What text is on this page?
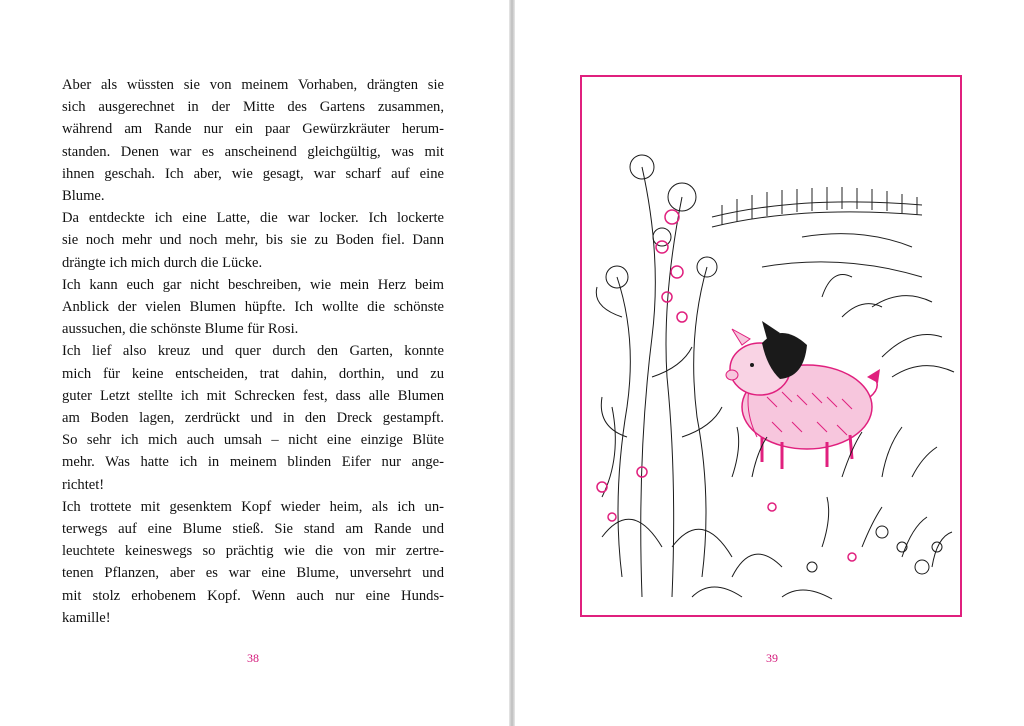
Aber als wüssten sie von meinem Vorhaben, drängten sie
sich ausgerechnet in der Mitte des Gartens zusammen,
während am Rande nur ein paar Gewürzkräuter herum-
standen. Denen war es anscheinend gleichgültig, was mit
ihnen geschah. Ich aber, wie gesagt, war scharf auf eine
Blume.
Da entdeckte ich eine Latte, die war locker. Ich lockerte
sie noch mehr und noch mehr, bis sie zu Boden fiel. Dann
drängte ich mich durch die Lücke.
Ich kann euch gar nicht beschreiben, wie mein Herz beim
Anblick der vielen Blumen hüpfte. Ich wollte die schönste
aussuchen, die schönste Blume für Rosi.
Ich lief also kreuz und quer durch den Garten, konnte
mich für keine entscheiden, trat dahin, dorthin, und zu
guter Letzt stellte ich mit Schrecken fest, dass alle Blumen
am Boden lagen, zerdrückt und in den Dreck gestampft.
So sehr ich mich auch umsah – nicht eine einzige Blüte
mehr. Was hatte ich in meinem blinden Eifer nur ange-
richtet!
Ich trottete mit gesenktem Kopf wieder heim, als ich un-
terwegs auf eine Blume stieß. Sie stand am Rande und
leuchtete keineswegs so prächtig wie die von mir zertre-
tenen Pflanzen, aber es war eine Blume, unversehrt und
mit stolz erhobenem Kopf. Wenn auch nur eine Hunds-
kamille!
38	39
